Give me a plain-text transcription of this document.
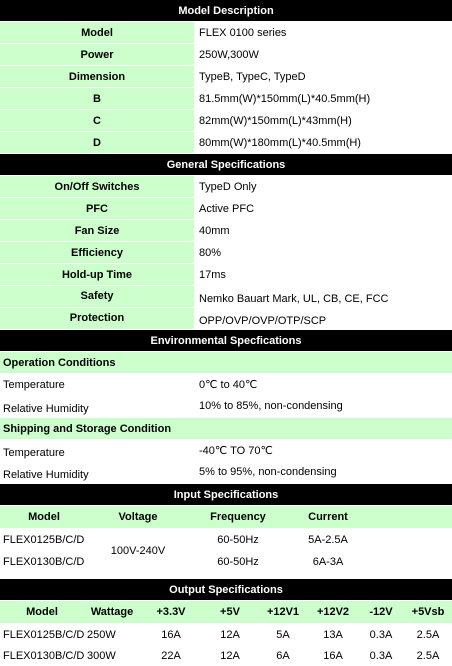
Model Description
Model	FLEX 0100 series
Power	250W,300W
Dimension	TypeB, TypeC, TypeD
B	81.5mm(W)*150mm(L)*40.5mm(H)
C	82mm(W)*150mm(L)*43mm(H)
D	80mm(W)*180mm(L)*40.5mm(H)
General Specifications
On/Off Switches	TypeD Only
PFC	Active PFC
Fan Size	40mm
Efficiency	80%
Hold-up Time	17ms
Safety	Nemko Bauart Mark, UL, CB, CE, FCC
Protection	OPP/OVP/OVP/OTP/SCP
Environmental Specfications
Operation Conditions
Temperature	0℃ to 40℃
Relative Humidity	10% to 85%, non-condensing
Shipping and Storage Condition
Temperature	-40℃ TO 70℃
Relative Humidity	5% to 95%, non-condensing
Input Specifications
Model	Voltage	Frequency	Current	
FLEX0125B/C/D	100V-240V	60-50Hz	5A-2.5A	
FLEX0130B/C/D		60-50Hz	6A-3A	
Output Specifications
Model	Wattage	+3.3V	+5V	+12V1	+12V2	-12V	+5Vsb
FLEX0125B/C/D	250W	16A	12A	5A	13A	0.3A	2.5A
FLEX0130B/C/D	300W	22A	12A	6A	16A	0.3A	2.5A
